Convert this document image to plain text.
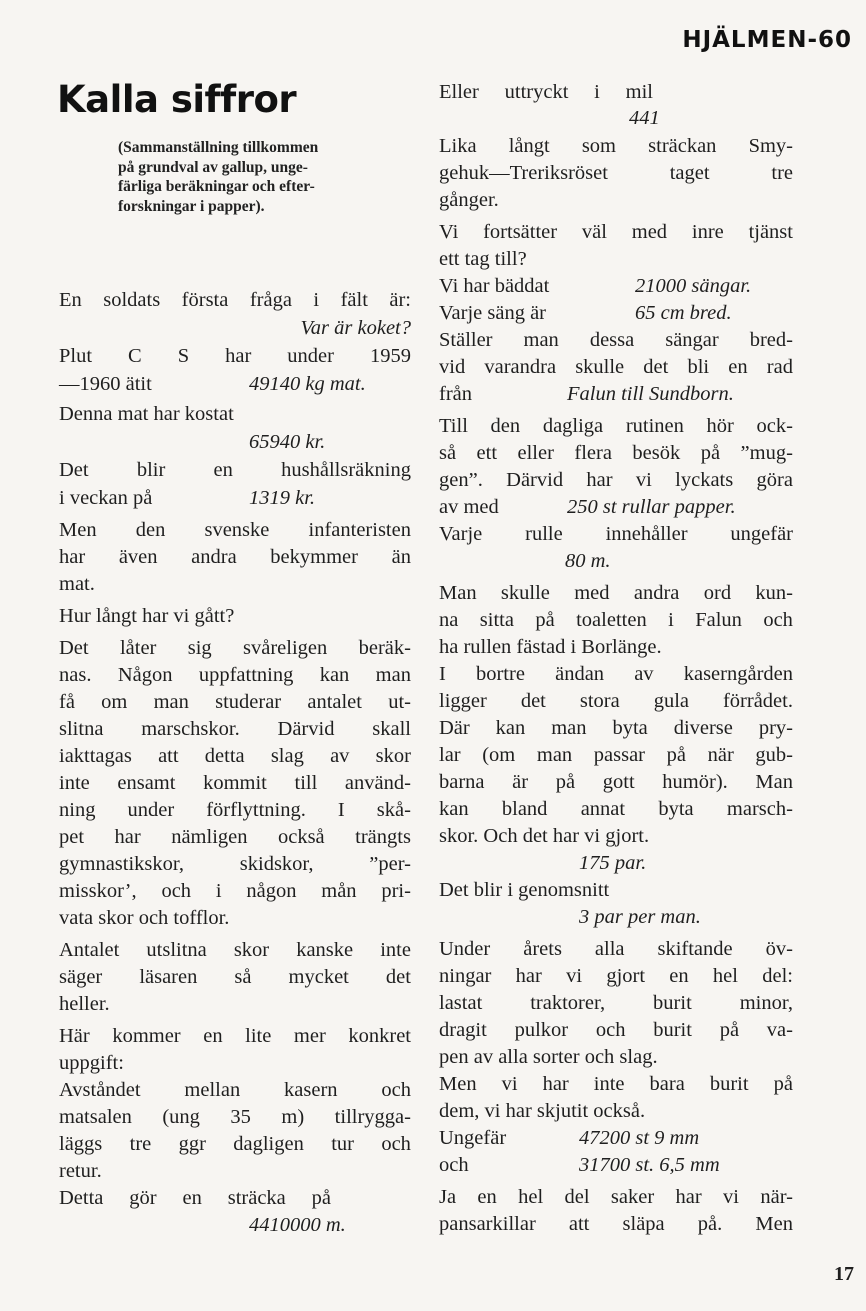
HJÄLMEN-60
Kalla siffror
(Sammanställning tillkommen
på grundval av gallup, unge-
färliga beräkningar och efter-
forskningar i papper).
En soldats första fråga i fält är:
Var är koket?
Plut C S har under 1959
—1960 ätit	49140 kg mat.
Denna mat har kostat
65940 kr.
Det blir en hushållsräkning
i veckan på	1319 kr.
Men den svenske infanteristen
har även andra bekymmer än
mat.
Hur långt har vi gått?
Det låter sig svåreligen beräk-
nas. Någon uppfattning kan man
få om man studerar antalet ut-
slitna marschskor. Därvid skall
iakttagas att detta slag av skor
inte ensamt kommit till använd-
ning under förflyttning. I skå-
pet har nämligen också trängts
gymnastikskor,	skidskor,	”per-
misskor’, och i någon mån pri-
vata skor och tofflor.
Antalet utslitna skor kanske inte
säger läsaren så mycket det
heller.
Här kommer en lite mer konkret
uppgift:
Avståndet mellan kasern och
matsalen (ung 35 m) tillrygga-
läggs tre ggr dagligen tur och
retur.
Detta gör en sträcka på
4410000 m.
Eller uttryckt i mil
441
Lika långt som sträckan Smy-
gehuk—Treriksröset	taget	tre
gånger.
Vi fortsätter väl med inre tjänst
ett tag till?
Vi har bäddat	21000 sängar.
Varje säng är	65 cm bred.
Ställer man dessa sängar bred-
vid varandra skulle det bli en rad
från	Falun till Sundborn.
Till den dagliga rutinen hör ock-
så ett eller flera besök på ”mug-
gen”. Därvid har vi lyckats göra
av med	250 st rullar papper.
Varje rulle innehåller ungefär
80 m.
Man skulle med andra ord kun-
na sitta på toaletten i Falun och
ha rullen fästad i Borlänge.
I bortre ändan av kaserngården
ligger det stora gula förrådet.
Där kan man byta diverse pry-
lar (om man passar på när gub-
barna är på gott humör). Man
kan bland annat byta marsch-
skor. Och det har vi gjort.
175 par.
Det blir i genomsnitt
3 par per man.
Under årets alla skiftande öv-
ningar har vi gjort en hel del:
lastat traktorer, burit minor,
dragit pulkor och burit på va-
pen av alla sorter och slag.
Men vi har inte bara burit på
dem, vi har skjutit också.
Ungefär	47200 st 9 mm
och	31700 st. 6,5 mm
Ja en hel del saker har vi när-
pansarkillar att släpa på. Men
17
